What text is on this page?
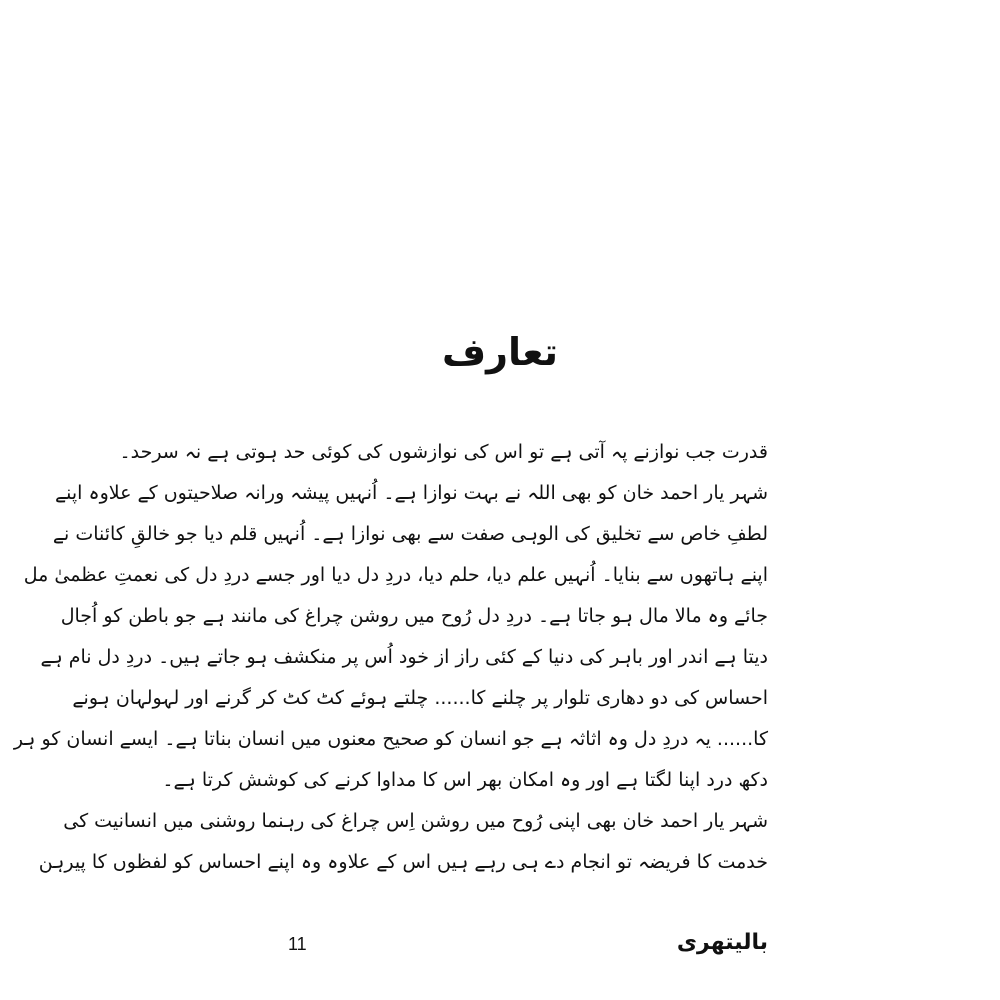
تعارف
قدرت جب نوازنے پہ آتی ہے تو اس کی نوازشوں کی کوئی حد ہوتی ہے نہ سرحد۔
شہر یار احمد خان کو بھی اللہ نے بہت نوازا ہے۔ اُنہیں پیشہ ورانہ صلاحیتوں کے علاوہ اپنے
لطفِ خاص سے تخلیق کی الوہی صفت سے بھی نوازا ہے۔ اُنہیں قلم دیا جو خالقِ کائنات نے
اپنے ہاتھوں سے بنایا۔ اُنہیں علم دیا، حلم دیا، دردِ دل دیا اور جسے دردِ دل کی نعمتِ عظمیٰ مل
جائے وہ مالا مال ہو جاتا ہے۔ دردِ دل رُوح میں روشن چراغ کی مانند ہے جو باطن کو اُجال
دیتا ہے اندر اور باہر کی دنیا کے کئی راز از خود اُس پر منکشف ہو جاتے ہیں۔ دردِ دل نام ہے
احساس کی دو دھاری تلوار پر چلنے کا...... چلتے ہوئے کٹ کٹ کر گرنے اور لہولہان ہونے
کا...... یہ دردِ دل وہ اثاثہ ہے جو انسان کو صحیح معنوں میں انسان بناتا ہے۔ ایسے انسان کو ہر
دکھ درد اپنا لگتا ہے اور وہ امکان بھر اس کا مداوا کرنے کی کوشش کرتا ہے۔
شہر یار احمد خان بھی اپنی رُوح میں روشن اِس چراغ کی رہنما روشنی میں انسانیت کی
خدمت کا فریضہ تو انجام دے ہی رہے ہیں اس کے علاوہ وہ اپنے احساس کو لفظوں کا پیرہن
11	بالیتھری
